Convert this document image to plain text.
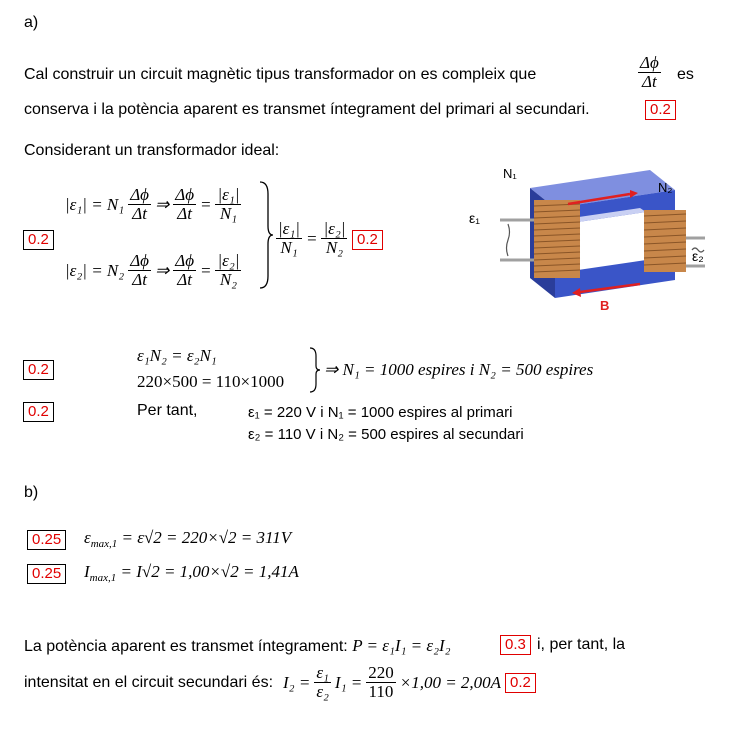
a)
Cal construir un circuit magnètic tipus transformador on es compleix que	$\frac{\Delta\phi}{\Delta t}$ es
conserva i la potència aparent es transmet íntegrament del primari al secundari.	0.2
Considerant un transformador ideal:
0.2
$|\varepsilon_1| = N_1 \frac{\Delta\phi}{\Delta t}$ ⇒ $\frac{\Delta\phi}{\Delta t} = \frac{\text{|ε₁|}}{\text{N₁}}$
$|\varepsilon_2| = N_2 \frac{\Delta\phi}{\Delta t}$ ⇒ $\frac{\Delta\phi}{\Delta t} = \frac{\text{|ε₂|}}{\text{N₂}}$
$\frac{\text{|ε₁|}}{\text{N₁}} = \frac{\text{|ε₂|}}{\text{N₂}} 0.2$
N₁
N₂
ε₁
ε₂
B
0.2
ε₁N₂ = ε₂N₁
220×500 = 110×1000
⇒ N₁ = 1000 espires i N₂ = 500 espires
0.2	Per tant,	ε₁ = 220 V i N₁ = 1000 espires al primari
ε₂ = 110 V i N₂ = 500 espires al secundari
b)
0.25 $\varepsilon_{max,1} = \varepsilon√2 = 220\times√2 = 311V$
0.25 $I_{max,1} = I√2 = 1,00\times√2 = 1,41A$
La potència aparent es transmet íntegrament: P = ε₁I₁ = ε₂I₂	0.3 i, per tant, la
intensitat en el circuit secundari és: $I_2 = \frac{\text{ε₁}}{\text{ε₂}} I_1 = \frac{220}{110} \times 1,00 = 2,00A$ 0.2
